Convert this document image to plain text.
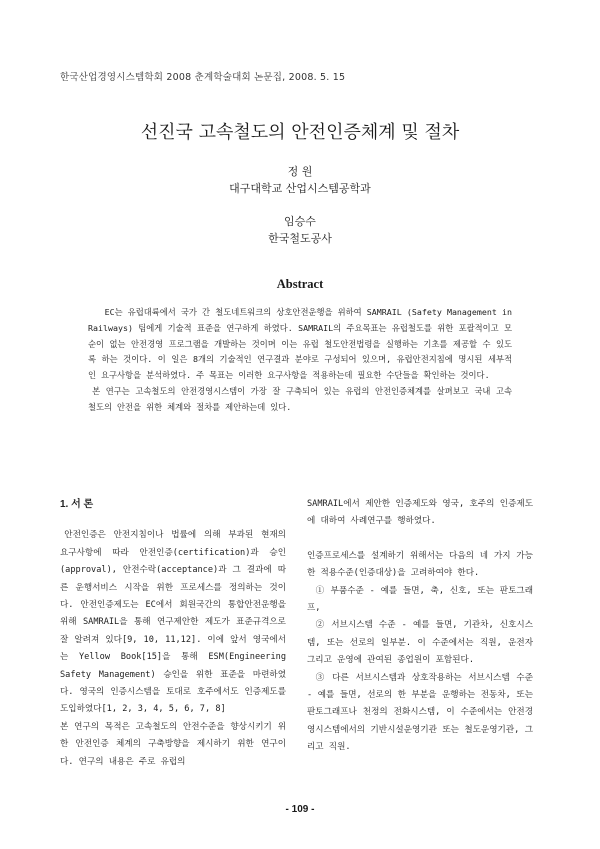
한국산업경영시스템학회 2008 춘계학술대회 논문집, 2008. 5. 15
선진국 고속철도의 안전인증체계 및 절차
정 원
대구대학교 산업시스템공학과
임승수
한국철도공사
Abstract

EC는 유럽대륙에서 국가 간 철도네트워크의 상호안전운행을 위하여 SAMRAIL (Safety Management in Railways) 팀에게 기술적 표준을 연구하게 하였다. SAMRAIL의 주요목표는 유럽철도를 위한 포괄적이고 모순이 없는 안전경영 프로그램을 개발하는 것이며 이는 유럽 철도안전법령을 실행하는 기초를 제공할 수 있도록 하는 것이다. 이 일은 8개의 기술적인 연구결과 분야로 구성되어 있으며, 유럽안전지침에 명시된 세부적인 요구사항을 분석하였다. 주 목표는 이러한 요구사항을 적용하는데 필요한 수단들을 확인하는 것이다.

본 연구는 고속철도의 안전경영시스템이 가장 잘 구축되어 있는 유럽의 안전인증체계를 살펴보고 국내 고속철도의 안전을 위한 체계와 절차를 제안하는데 있다.

1. 서 론

안전인증은 안전지침이나 법률에 의해 부과된 현재의 요구사항에 따라 안전인증(certification)과 승인(approval), 안전수락(acceptance)과 그 결과에 따른 운행서비스 시작을 위한 프로세스를 정의하는 것이다. 안전인증제도는 EC에서 회원국간의 통합안전운행을 위해 SAMRAIL을 통해 연구제안한 제도가 표준규격으로 잘 알려져 있다[9, 10, 11,12]. 이에 앞서 영국에서는 Yellow Book[15]을 통해 ESM(Engineering Safety Management) 승인을 위한 표준을 마련하였다. 영국의 인증시스템을 토대로 호주에서도 인증제도를 도입하였다[1, 2, 3, 4, 5, 6, 7, 8]

본 연구의 목적은 고속철도의 안전수준을 향상시키기 위한 안전인증 체계의 구축방향을 제시하기 위한 연구이다. 연구의 내용은 주로 유럽의

SAMRAIL에서 제안한 인증제도와 영국, 호주의 인증제도에 대하여 사례연구를 행하였다.

인증프로세스를 설계하기 위해서는 다음의 네 가지 가능한 적용수준(인증대상)을 고려하여야 한다.

① 부품수준 - 예를 들면, 축, 신호, 또는 판토그래프,

② 서브시스템 수준 - 예를 들면, 기관차, 신호시스템, 또는 선로의 일부분. 이 수준에서는 직원, 운전자 그리고 운영에 관여된 종업원이 포함된다.

③ 다른 서브시스템과 상호작용하는 서브시스템 수준 - 예를 들면, 선로의 한 부분을 운행하는 전동차, 또는 판토그래프나 천정의 전화시스템, 이 수준에서는 안전경영시스템에서의 기반시설운영기관 또는 철도운영기관, 그리고 직원.

- 109 -
